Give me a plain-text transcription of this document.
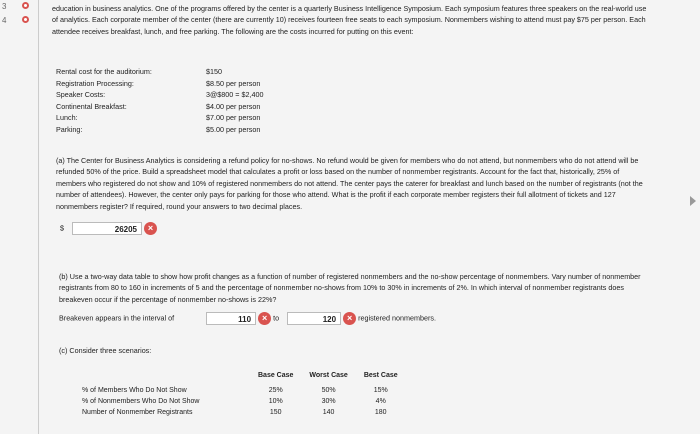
3
4

education in business analytics. One of the programs offered by the center is a quarterly Business Intelligence Symposium. Each symposium features three speakers on the real-world use of analytics. Each corporate member of the center (there are currently 10) receives fourteen free seats to each symposium. Nonmembers wishing to attend must pay $75 per person. Each attendee receives breakfast, lunch, and free parking. The following are the costs incurred for putting on this event:

Rental cost for the auditorium:	$150
Registration Processing:	$8.50 per person
Speaker Costs:	3@$800 = $2,400
Continental Breakfast:	$4.00 per person
Lunch:	$7.00 per person
Parking:	$5.00 per person
(a) The Center for Business Analytics is considering a refund policy for no-shows. No refund would be given for members who do not attend, but nonmembers who do not attend will be refunded 50% of the price. Build a spreadsheet model that calculates a profit or loss based on the number of nonmember registrants. Account for the fact that, historically, 25% of members who registered do not show and 10% of registered nonmembers do not attend. The center pays the caterer for breakfast and lunch based on the number of registrants (not the number of attendees). However, the center only pays for parking for those who attend. What is the profit if each corporate member registers their full allotment of tickets and 127 nonmembers register? If required, round your answers to two decimal places.
$	26205 ×
(b) Use a two-way data table to show how profit changes as a function of number of registered nonmembers and the no-show percentage of nonmembers. Vary number of nonmember registrants from 80 to 160 in increments of 5 and the percentage of nonmember no-shows from 10% to 30% in increments of 2%. In which interval of nonmember registrants does breakeven occur if the percentage of nonmember no-shows is 22%?
Breakeven appears in the interval of	110 × to	120 × registered nonmembers.
(c) Consider three scenarios:
	Base Case	Worst Case	Best Case
% of Members Who Do Not Show	25%	50%	15%
% of Nonmembers Who Do Not Show	10%	30%	4%
Number of Nonmember Registrants	150	140	180
